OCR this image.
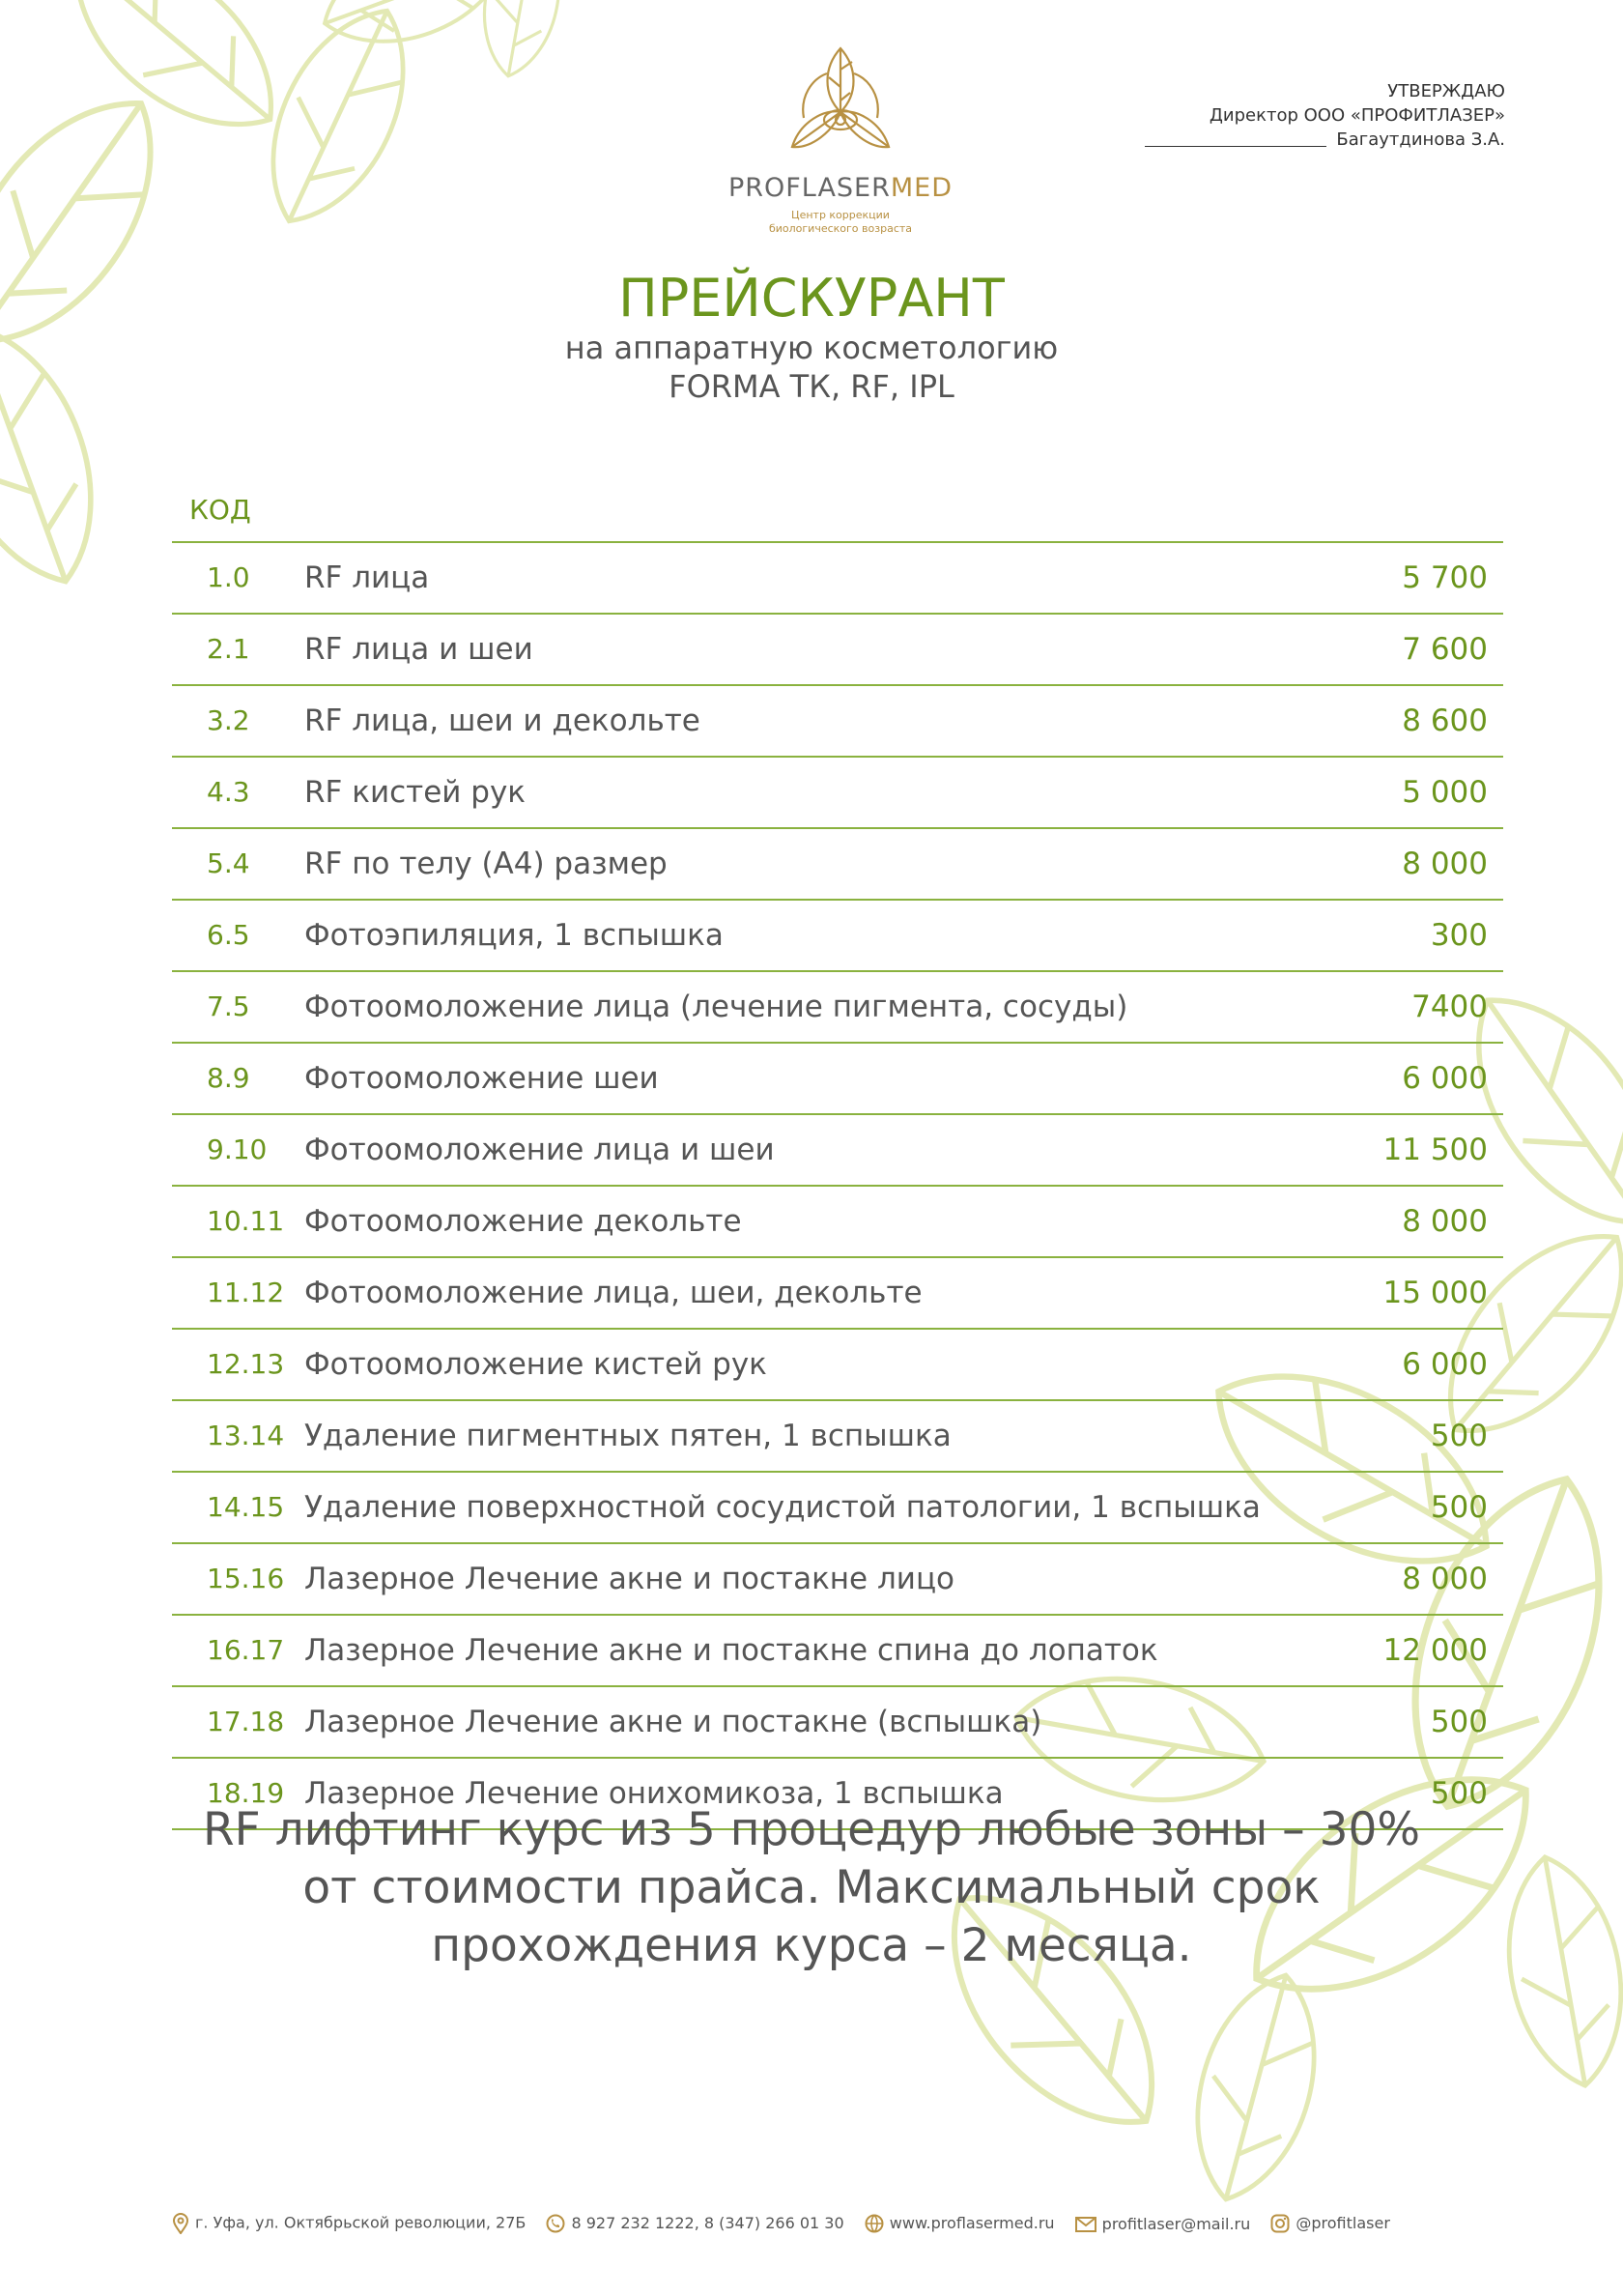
PROFLASERMED
Центр коррекции биологического возраста
УТВЕРЖДАЮ
Директор ООО «ПРОФИТЛАЗЕР»
Багаутдинова З.А.
ПРЕЙСКУРАНТ
на аппаратную косметологию
FORMA ТК, RF, IPL
КОД
1.0 RF лица	5 700
2.1 RF лица и шеи	7 600
3.2 RF лица, шеи и декольте	8 600
4.3 RF кистей рук	5 000
5.4 RF по телу (А4) размер	8 000
6.5 Фотоэпиляция, 1 вспышка	300
7.5 Фотоомоложение лица (лечение пигмента, сосуды)	7400
8.9 Фотоомоложение шеи	6 000
9.10 Фотоомоложение лица и шеи	11 500
10.11 Фотоомоложение декольте	8 000
11.12 Фотоомоложение лица, шеи, декольте	15 000
12.13 Фотоомоложение кистей рук	6 000
13.14 Удаление пигментных пятен, 1 вспышка	500
14.15 Удаление поверхностной сосудистой патологии, 1 вспышка	500
15.16 Лазерное Лечение акне и постакне лицо	8 000
16.17 Лазерное Лечение акне и постакне спина до лопаток	12 000
17.18 Лазерное Лечение акне и постакне (вспышка)	500
18.19 Лазерное Лечение онихомикоза, 1 вспышка	500
RF лифтинг курс из 5 процедур любые зоны – 30%
от стоимости прайса. Максимальный срок
прохождения курса – 2 месяца.
г. Уфа, ул. Октябрьской революции, 27Б	8 927 232 1222, 8 (347) 266 01 30	www.proflasermed.ru	profitlaser@mail.ru	@profitlaser
